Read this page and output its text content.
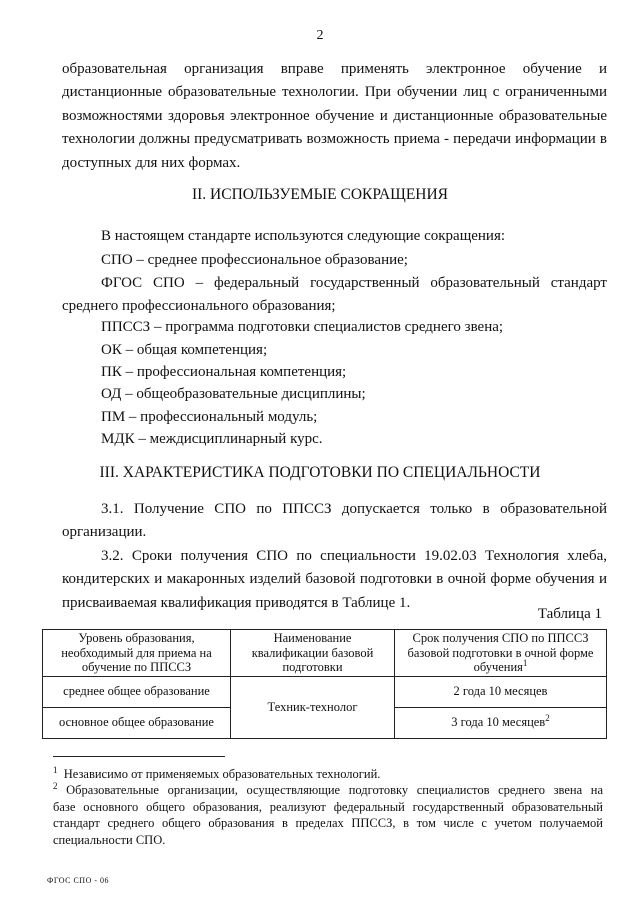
2

образовательная организация вправе применять электронное обучение и
дистанционные образовательные технологии. При обучении лиц с ограниченными
возможностями здоровья электронное обучение и дистанционные образовательные
технологии должны предусматривать возможность приема - передачи информации в
доступных для них формах.

II. ИСПОЛЬЗУЕМЫЕ СОКРАЩЕНИЯ

В настоящем стандарте используются следующие сокращения:

СПО – среднее профессиональное образование;

ФГОС СПО – федеральный государственный образовательный стандарт
среднего профессионального образования;

ППССЗ – программа подготовки специалистов среднего звена;

ОК – общая компетенция;

ПК – профессиональная компетенция;

ОД – общеобразовательные дисциплины;

ПМ – профессиональный модуль;

МДК – междисциплинарный курс.

III. ХАРАКТЕРИСТИКА ПОДГОТОВКИ ПО СПЕЦИАЛЬНОСТИ

3.1. Получение СПО по ППССЗ допускается только в образовательной
организации.

3.2. Сроки получения СПО по специальности 19.02.03 Технология хлеба,
кондитерских и макаронных изделий базовой подготовки в очной форме обучения и
присваиваемая квалификация приводятся в Таблице 1.

Таблица 1
Уровень образования, необходимый для приема на обучение по ППССЗ	Наименование квалификации базовой подготовки	Срок получения СПО по ППССЗ базовой подготовки в очной форме обучения$^1$
среднее общее образование	Техник-технолог	2 года 10 месяцев
основное общее образование		3 года 10 месяцев$^2$

$^1$ Независимо от применяемых образовательных технологий.

$^2$ Образовательные организации, осуществляющие подготовку специалистов среднего звена на
базе основного общего образования, реализуют федеральный государственный образовательный
стандарт среднего общего образования в пределах ППССЗ, в том числе с учетом получаемой
специальности СПО.

ФГОС СПО - 06
